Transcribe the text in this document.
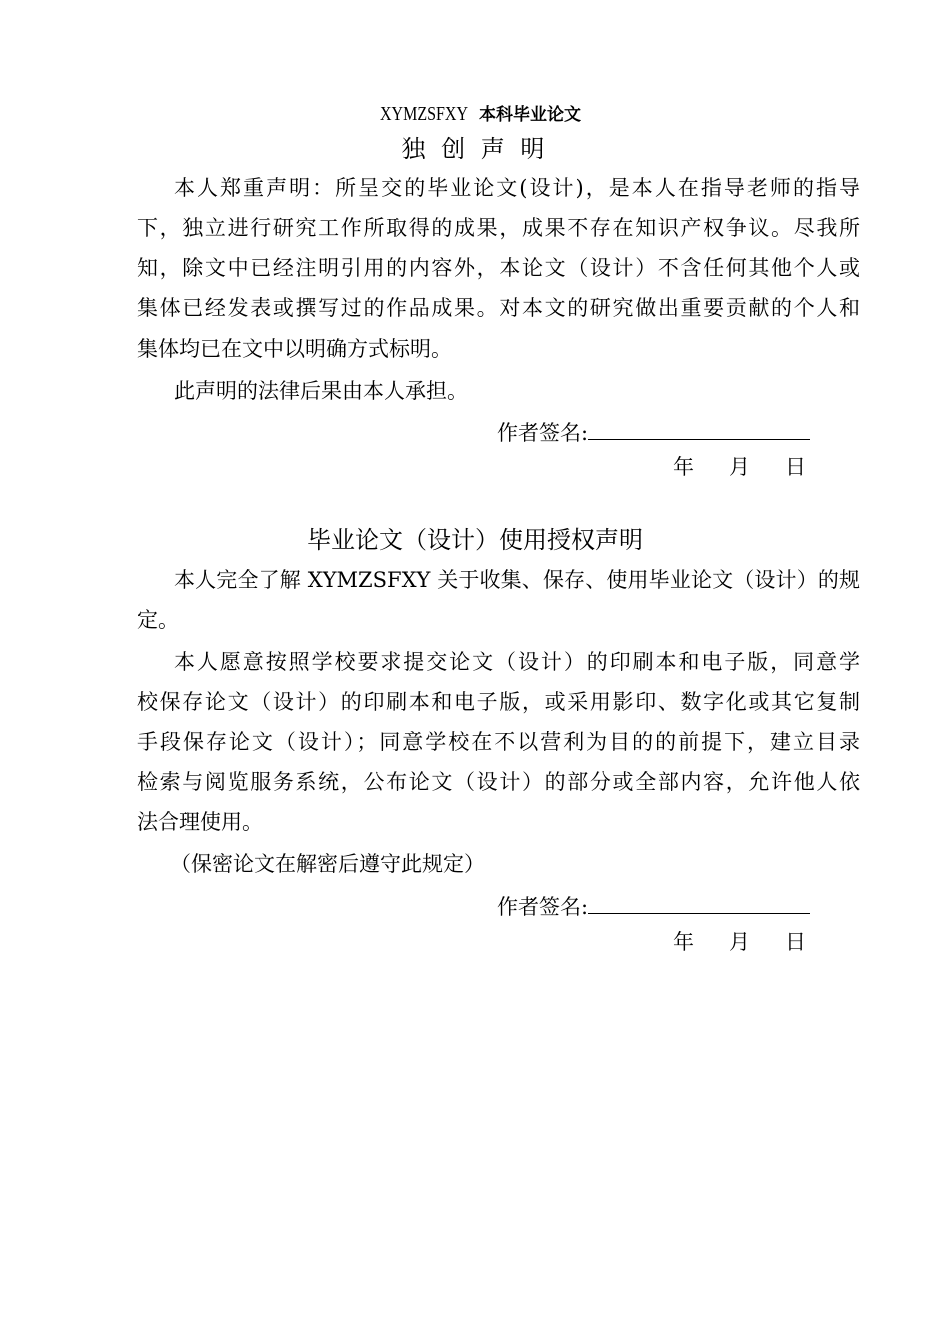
XYMZSFXY 本科毕业论文
独 创 声 明
本人郑重声明：所呈交的毕业论文(设计)，是本人在指导老师的指导
下，独立进行研究工作所取得的成果，成果不存在知识产权争议。尽我所
知，除文中已经注明引用的内容外，本论文（设计）不含任何其他个人或
集体已经发表或撰写过的作品成果。对本文的研究做出重要贡献的个人和
集体均已在文中以明确方式标明。
此声明的法律后果由本人承担。
作者签名:
年 月 日
毕业论文（设计）使用授权声明
本人完全了解 XYMZSFXY 关于收集、保存、使用毕业论文（设计）的规
定。
本人愿意按照学校要求提交论文（设计）的印刷本和电子版，同意学
校保存论文（设计）的印刷本和电子版，或采用影印、数字化或其它复制
手段保存论文（设计）；同意学校在不以营利为目的的前提下，建立目录
检索与阅览服务系统，公布论文（设计）的部分或全部内容，允许他人依
法合理使用。
（保密论文在解密后遵守此规定）
作者签名:
年 月 日
